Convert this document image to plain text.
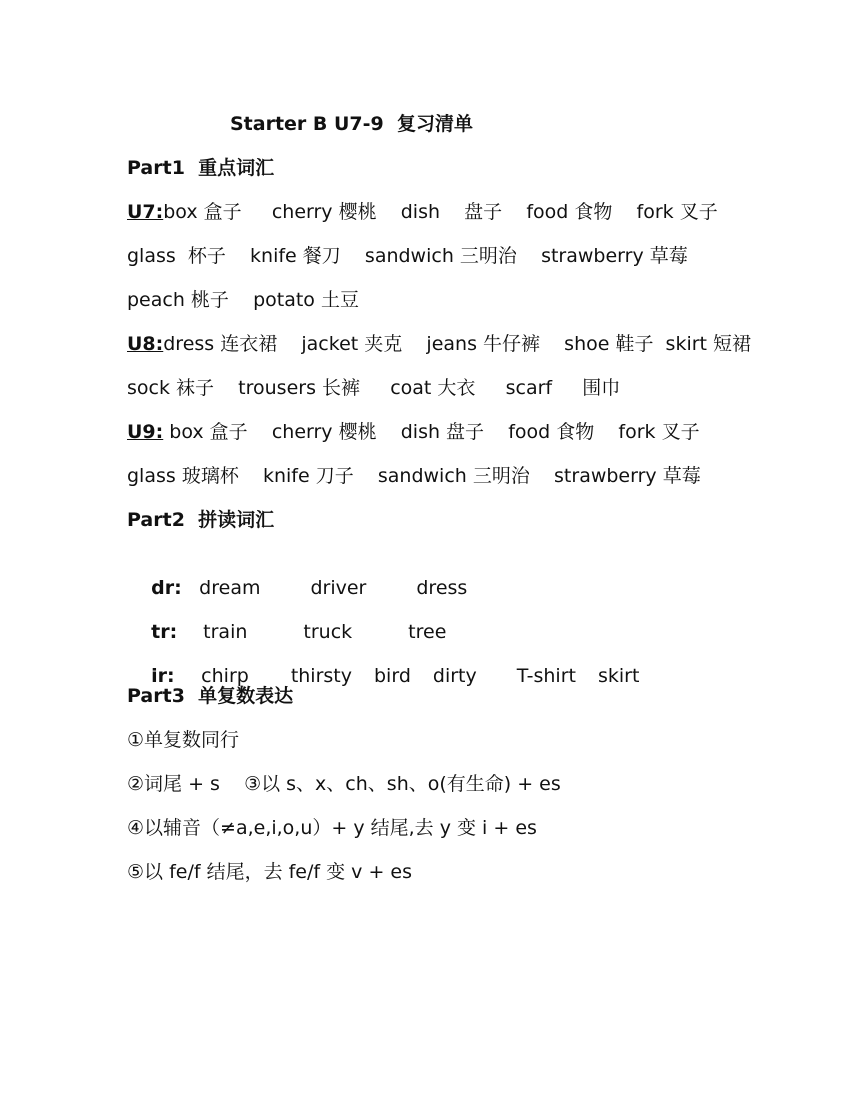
Starter B U7-9  复习清单
Part1  重点词汇
U7:box 盒子     cherry 樱桃    dish    盘子    food 食物    fork 叉子
glass  杯子    knife 餐刀    sandwich 三明治    strawberry 草莓
peach 桃子    potato 土豆
U8:dress 连衣裙    jacket 夹克    jeans 牛仔裤    shoe 鞋子  skirt 短裙
sock 袜子    trousers 长裤     coat 大衣     scarf     围巾
U9: box 盒子    cherry 樱桃    dish 盘子    food 食物    fork 叉子
glass 玻璃杯    knife 刀子    sandwich 三明治    strawberry 草莓
Part2  拼读词汇

dr: dream	driver	dress

tr: train	truck	tree

ir: chirp thirsty bird dirty T-shirt skirt

Part3  单复数表达
①单复数同行
②词尾 + s    ③以 s、x、ch、sh、o(有生命) + es
④以辅音（≠a,e,i,o,u）+ y 结尾,去 y 变 i + es
⑤以 fe/f 结尾，去 fe/f 变 v + es
